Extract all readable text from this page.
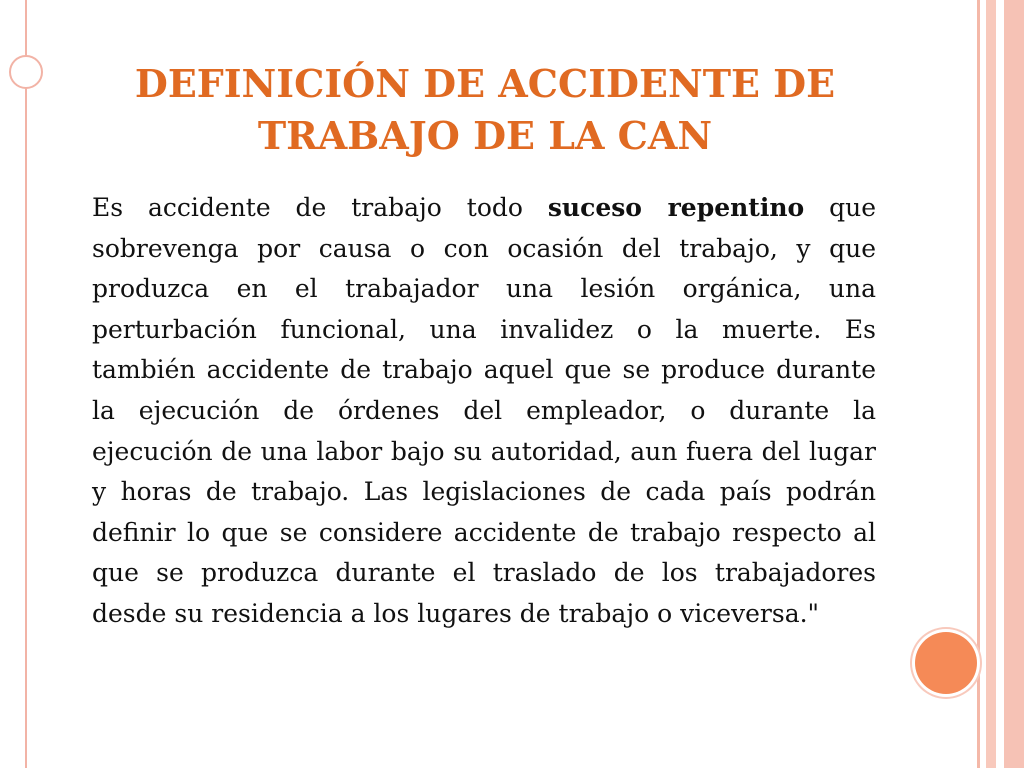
DEFINICIÓN DE ACCIDENTE DE
TRABAJO DE LA CAN

Es accidente de trabajo todo suceso repentino que sobrevenga por causa o con ocasión del trabajo, y que produzca en el trabajador una lesión orgánica, una perturbación funcional, una invalidez o la muerte. Es también accidente de trabajo aquel que se produce durante la ejecución de órdenes del empleador, o durante la ejecución de una labor bajo su autoridad, aun fuera del lugar y horas de trabajo. Las legislaciones de cada país podrán definir lo que se considere accidente de trabajo respecto al que se produzca durante el traslado de los trabajadores desde su residencia a los lugares de trabajo o viceversa."
